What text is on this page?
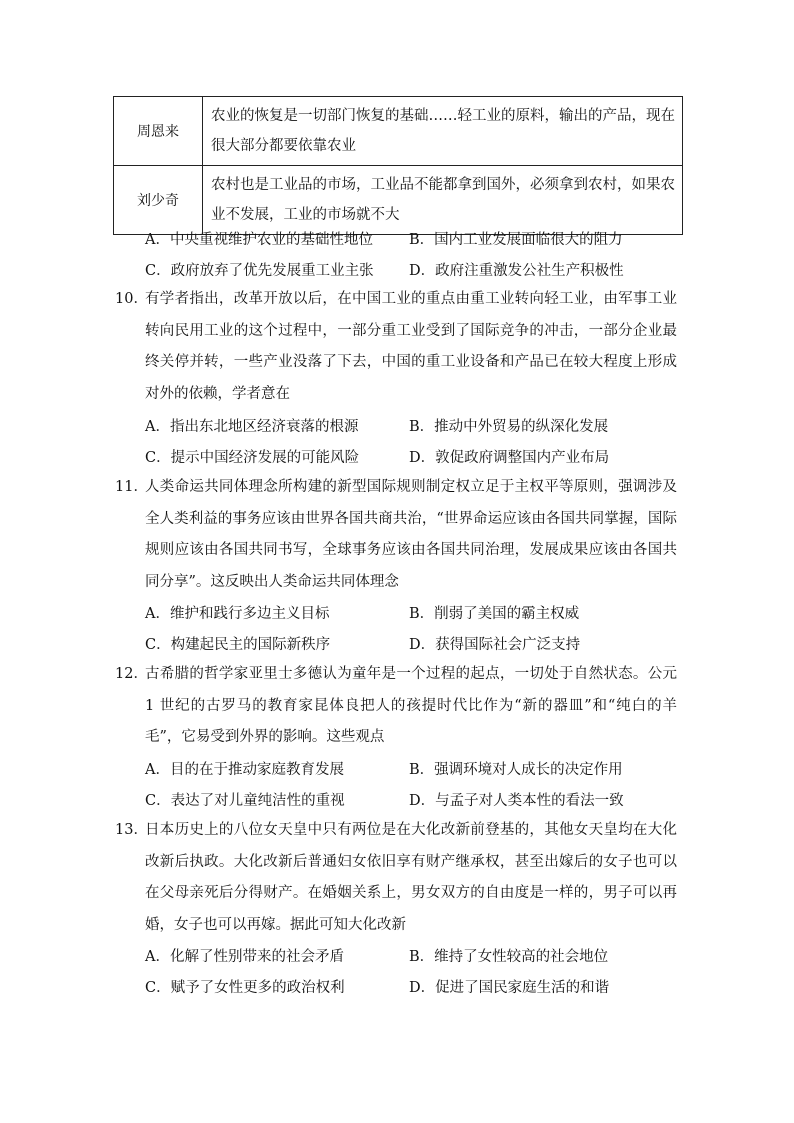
周恩来	农业的恢复是一切部门恢复的基础……轻工业的原料，输出的产品，现在很大部分都要依靠农业
刘少奇	农村也是工业品的市场，工业品不能都拿到国外，必须拿到农村，如果农业不发展，工业的市场就不大
A．中央重视维护农业的基础性地位 B．国内工业发展面临很大的阻力
C．政府放弃了优先发展重工业主张 D．政府注重激发公社生产积极性
10．
有学者指出，改革开放以后，在中国工业的重点由重工业转向轻工业，由军事工业转向民用工业的这个过程中，一部分重工业受到了国际竞争的冲击，一部分企业最终关停并转，一些产业没落了下去，中国的重工业设备和产品已在较大程度上形成对外的依赖，学者意在
A．指出东北地区经济衰落的根源	B．推动中外贸易的纵深化发展
C．提示中国经济发展的可能风险	D．敦促政府调整国内产业布局
11．
人类命运共同体理念所构建的新型国际规则制定权立足于主权平等原则，强调涉及全人类利益的事务应该由世界各国共商共治，“世界命运应该由各国共同掌握，国际规则应该由各国共同书写，全球事务应该由各国共同治理，发展成果应该由各国共同分享”。这反映出人类命运共同体理念
A．维护和践行多边主义目标	B．削弱了美国的霸主权威
C．构建起民主的国际新秩序	D．获得国际社会广泛支持
12．
古希腊的哲学家亚里士多德认为童年是一个过程的起点，一切处于自然状态。公元 1 世纪的古罗马的教育家昆体良把人的孩提时代比作为“新的器皿”和“纯白的羊毛”，它易受到外界的影响。这些观点
A．目的在于推动家庭教育发展	B．强调环境对人成长的决定作用
C．表达了对儿童纯洁性的重视	D．与孟子对人类本性的看法一致
13．
日本历史上的八位女天皇中只有两位是在大化改新前登基的，其他女天皇均在大化改新后执政。大化改新后普通妇女依旧享有财产继承权，甚至出嫁后的女子也可以在父母亲死后分得财产。在婚姻关系上，男女双方的自由度是一样的，男子可以再婚，女子也可以再嫁。据此可知大化改新
A．化解了性别带来的社会矛盾	B．维持了女性较高的社会地位
C．赋予了女性更多的政治权利	D．促进了国民家庭生活的和谐
